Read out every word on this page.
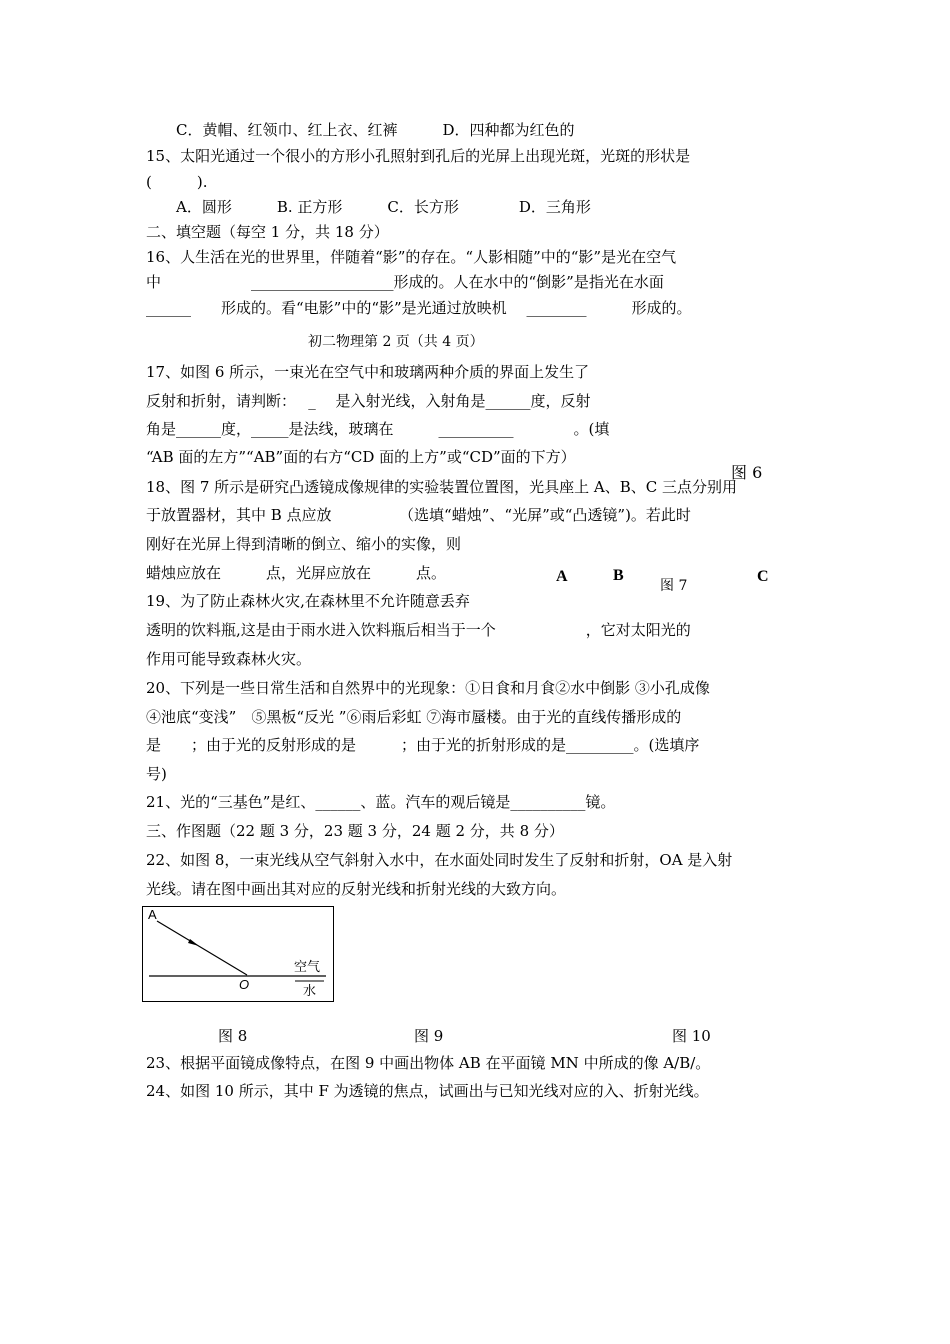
C．黄帽、红领巾、红上衣、红裤　　　D．四种都为红色的
15、太阳光通过一个很小的方形小孔照射到孔后的光屏上出现光斑，光斑的形状是
(　　　).
A．圆形　　　B. 正方形　　　C．长方形　　　　D．三角形
二、填空题（每空 1 分，共 18 分）
16、人生活在光的世界里，伴随着“影”的存在。“人影相随”中的“影”是光在空气
中　　　　　　___________________形成的。人在水中的“倒影”是指光在水面
______　　形成的。看“电影”中的“影”是光通过放映机　 ________　　　形成的。
初二物理第 2 页（共 4 页）
17、如图 6 所示，一束光在空气中和玻璃两种介质的界面上发生了
反射和折射，请判断：　 _　 是入射光线，入射角是______度，反射
角是______度，_____是法线，玻璃在　　　__________　　　　。(填
“AB 面的左方”“AB”面的右方“CD 面的上方”或“CD”面的下方）
图 6
18、图 7 所示是研究凸透镜成像规律的实验装置位置图，光具座上 A、B、C 三点分别用
于放置器材，其中 B 点应放　　　　　（选填“蜡烛”、“光屏”或“凸透镜”)。若此时
刚好在光屏上得到清晰的倒立、缩小的实像，则
蜡烛应放在　　　点，光屏应放在　　　点。	A	B
图 7
C
19、为了防止森林火灾,在森林里不允许随意丢弃
透明的饮料瓶,这是由于雨水进入饮料瓶后相当于一个　　　　　　，它对太阳光的
作用可能导致森林火灾。
20、下列是一些日常生活和自然界中的光现象：①日食和月食②水中倒影 ③小孔成像
④池底“变浅”　⑤黑板“反光 ”⑥雨后彩虹 ⑦海市蜃楼。由于光的直线传播形成的
是　　；由于光的反射形成的是　　　；由于光的折射形成的是_________。(选填序
号)
21、光的“三基色”是红、______、蓝。汽车的观后镜是__________镜。
三、作图题（22 题 3 分，23 题 3 分，24 题 2 分，共 8 分）
22、如图 8，一束光线从空气斜射入水中，在水面处同时发生了反射和折射，OA 是入射
光线。请在图中画出其对应的反射光线和折射光线的大致方向。
A
O
空气
水
图 8	图 9	图 10
23、根据平面镜成像特点，在图 9 中画出物体 AB 在平面镜 MN 中所成的像 A/B/。
24、如图 10 所示，其中 F 为透镜的焦点，试画出与已知光线对应的入、折射光线。
